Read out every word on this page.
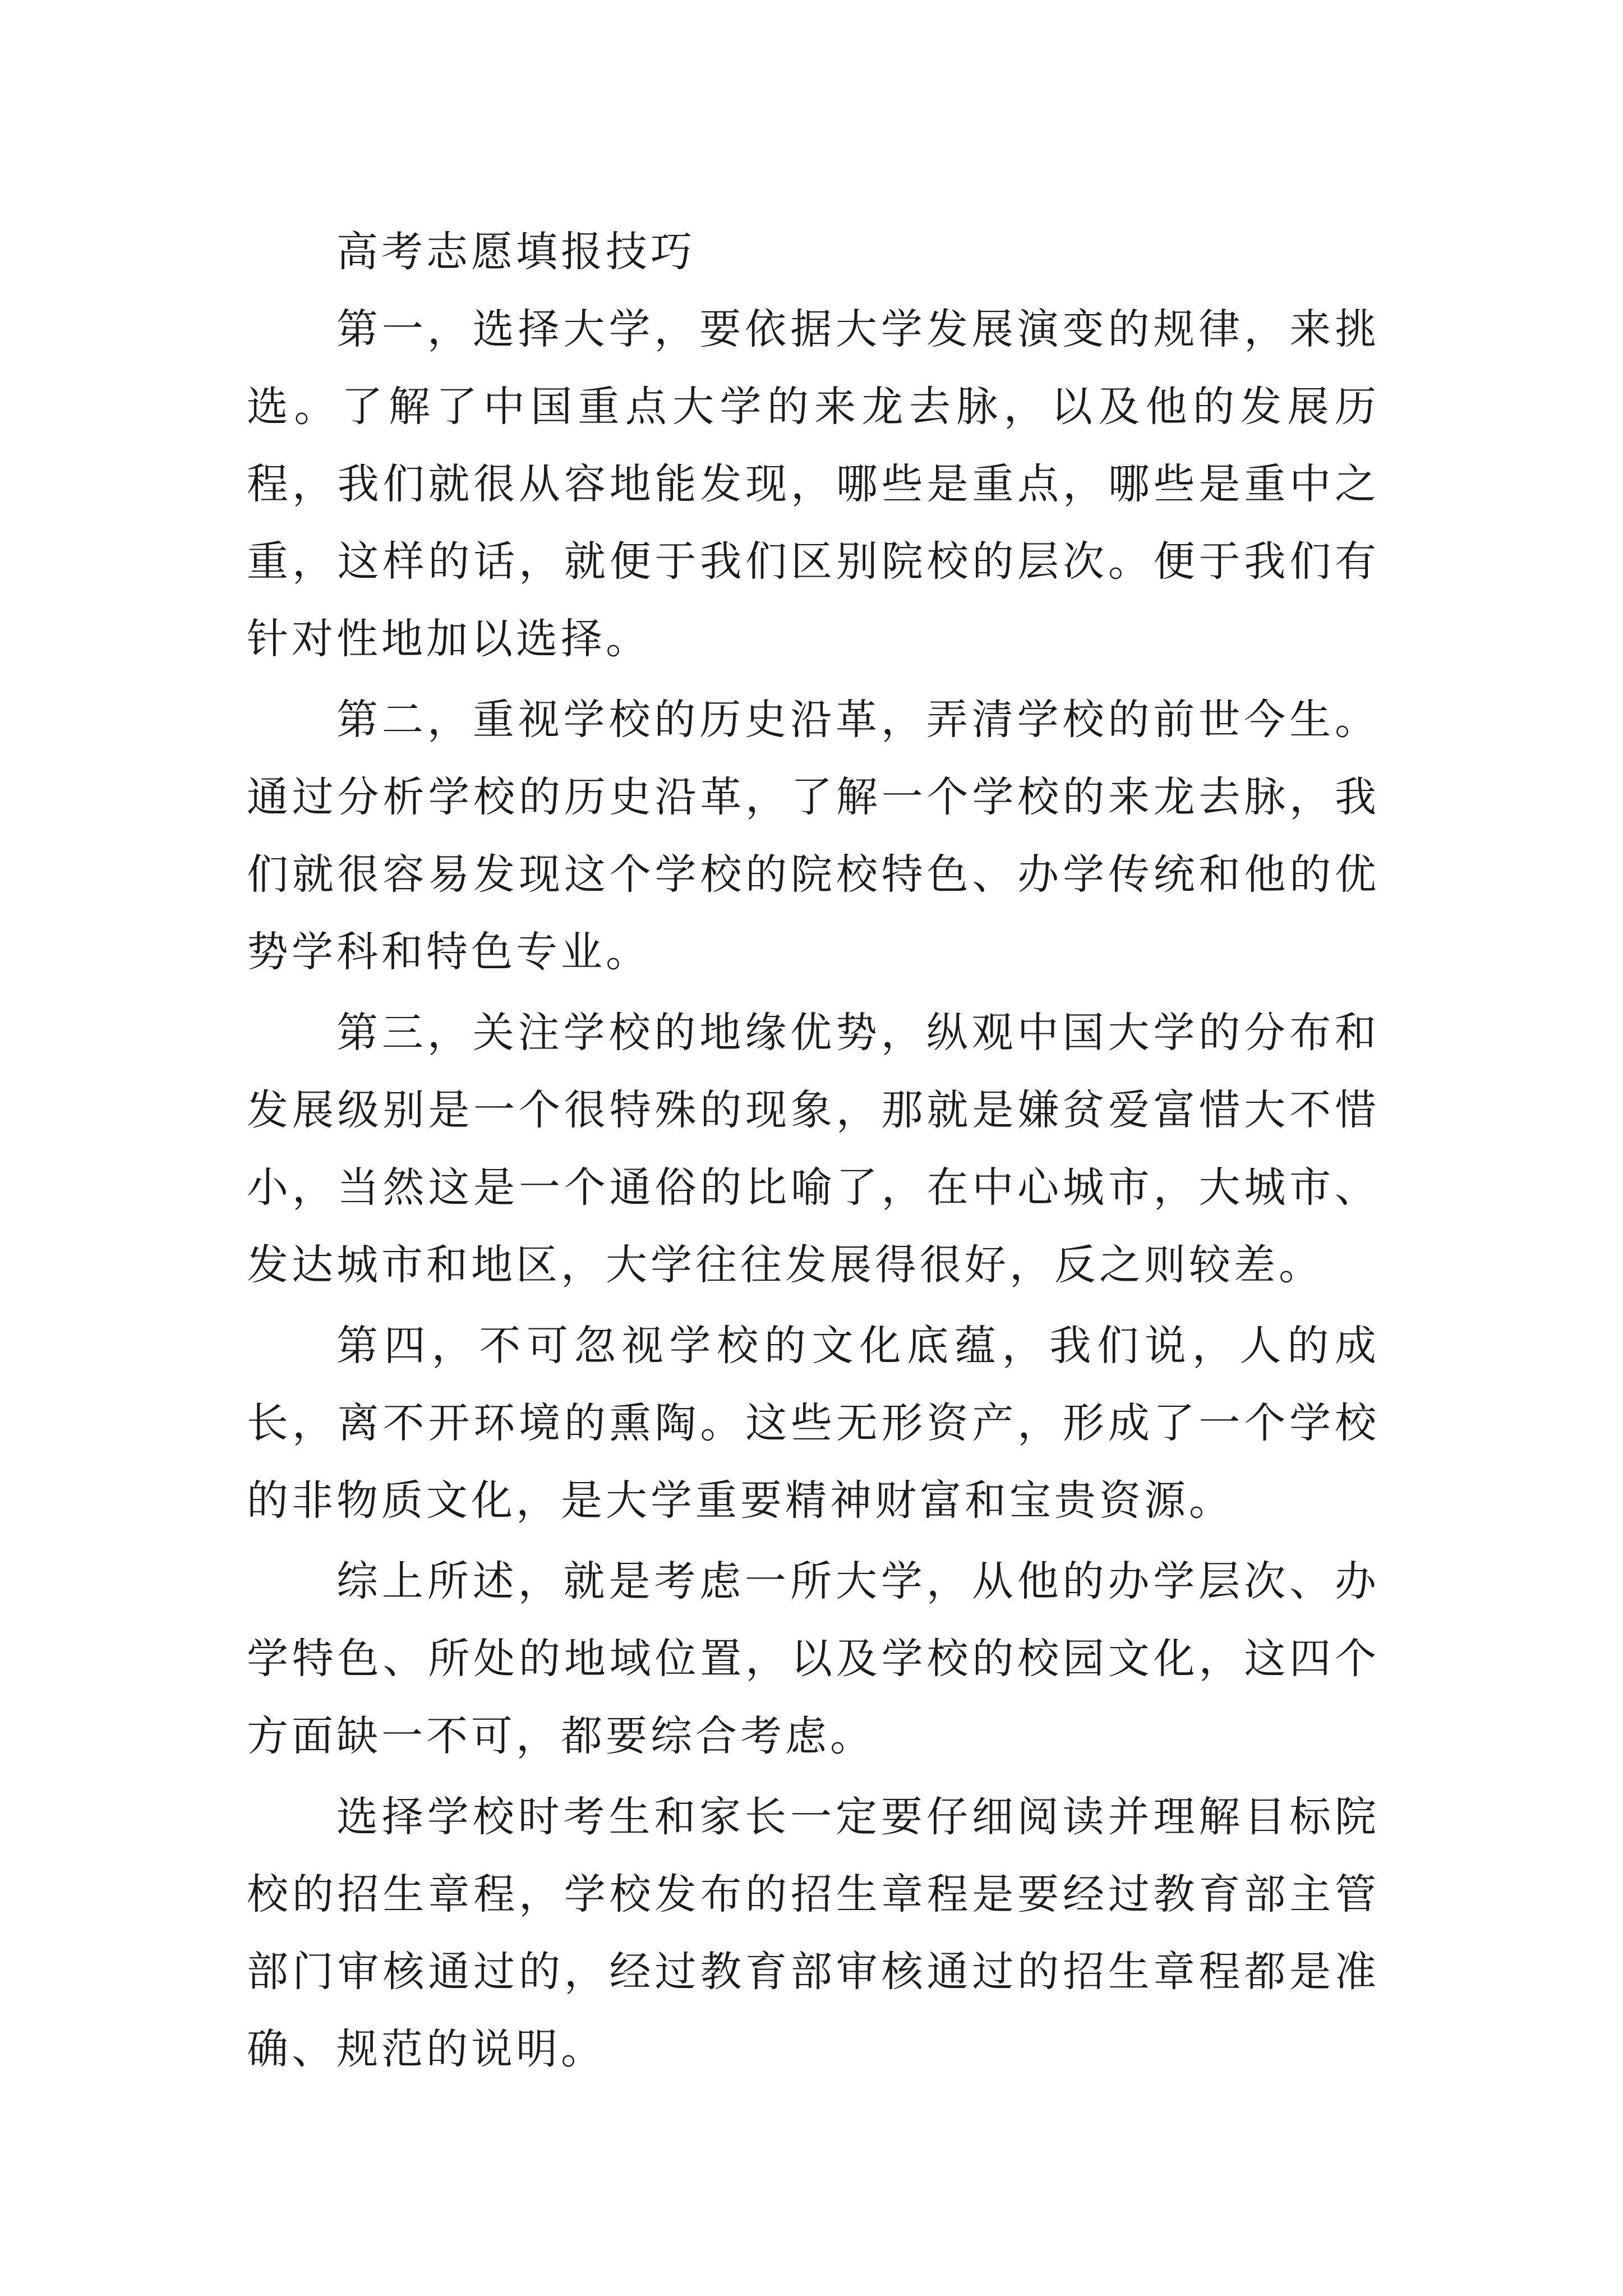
高考志愿填报技巧

第一，选择大学，要依据大学发展演变的规律，来挑选。了解了中国重点大学的来龙去脉，以及他的发展历程，我们就很从容地能发现，哪些是重点，哪些是重中之重，这样的话，就便于我们区别院校的层次。便于我们有针对性地加以选择。

第二，重视学校的历史沿革，弄清学校的前世今生。通过分析学校的历史沿革，了解一个学校的来龙去脉，我们就很容易发现这个学校的院校特色、办学传统和他的优势学科和特色专业。

第三，关注学校的地缘优势，纵观中国大学的分布和发展级别是一个很特殊的现象，那就是嫌贫爱富惜大不惜小，当然这是一个通俗的比喻了，在中心城市，大城市、发达城市和地区，大学往往发展得很好，反之则较差。

第四，不可忽视学校的文化底蕴，我们说，人的成长，离不开环境的熏陶。这些无形资产，形成了一个学校的非物质文化，是大学重要精神财富和宝贵资源。

综上所述，就是考虑一所大学，从他的办学层次、办学特色、所处的地域位置，以及学校的校园文化，这四个方面缺一不可，都要综合考虑。

选择学校时考生和家长一定要仔细阅读并理解目标院校的招生章程，学校发布的招生章程是要经过教育部主管部门审核通过的，经过教育部审核通过的招生章程都是准确、规范的说明。
